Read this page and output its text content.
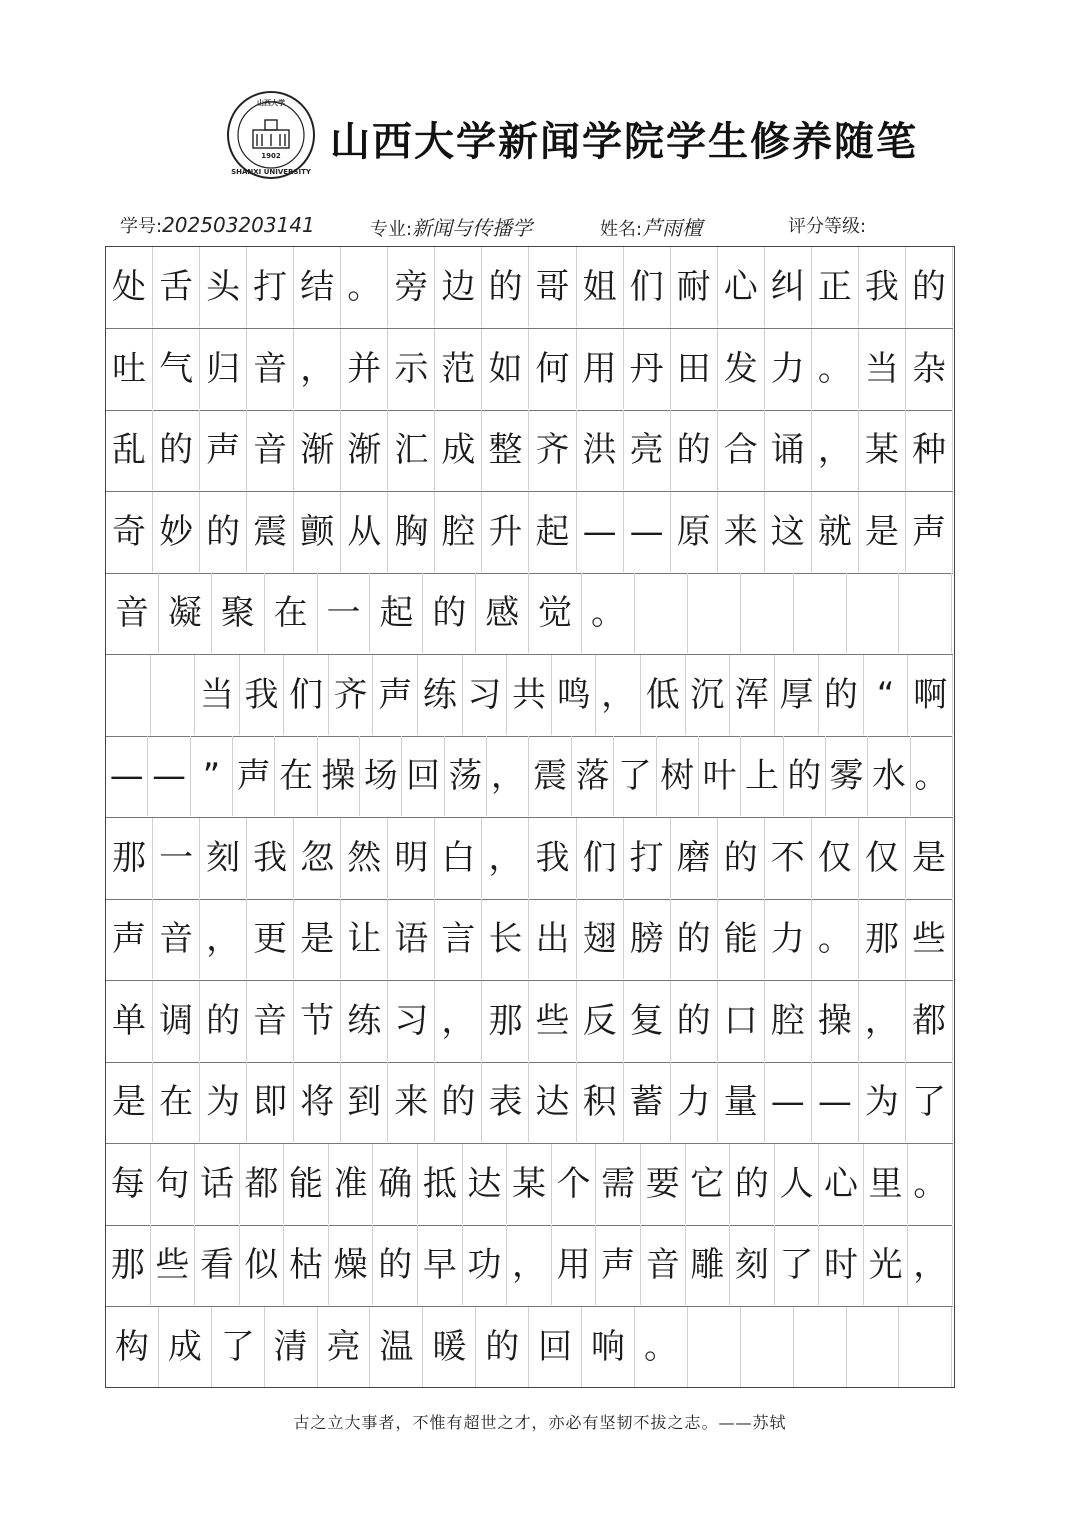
山西大学
SHANXI UNIVERSITY
1902 山西大学新闻学院学生修养随笔
学号:202503203141	专业:新闻与传播学	姓名:芦雨檀	评分等级:
处 舌 头 打 结 。 旁 边 的 哥 姐 们 耐 心 纠 正 我 的
吐 气 归 音 ， 并 示 范 如 何 用 丹 田 发 力 。 当 杂
乱 的 声 音 渐 渐 汇 成 整 齐 洪 亮 的 合 诵 ， 某 种
奇 妙 的 震 颤 从 胸 腔 升 起 — — 原 来 这 就 是 声
音 凝 聚 在 一 起 的 感 觉 。

当 我 们 齐 声 练 习 共 鸣 ， 低 沉 浑 厚 的 “ 啊
— — ” 声 在 操 场 回 荡 ， 震 落 了 树 叶 上 的 雾 水 。
那 一 刻 我 忽 然 明 白 ， 我 们 打 磨 的 不 仅 仅 是
声 音 ， 更 是 让 语 言 长 出 翅 膀 的 能 力 。 那 些
单 调 的 音 节 练 习 ， 那 些 反 复 的 口 腔 操 ， 都
是 在 为 即 将 到 来 的 表 达 积 蓄 力 量 — — 为 了
每 句 话 都 能 准 确 抵 达 某 个 需 要 它 的 人 心 里 。
那 些 看 似 枯 燥 的 早 功 ， 用 声 音 雕 刻 了 时 光 ，
构 成 了 清 亮 温 暖 的 回 响 。
古之立大事者，不惟有超世之才，亦必有坚韧不拔之志。——苏轼
